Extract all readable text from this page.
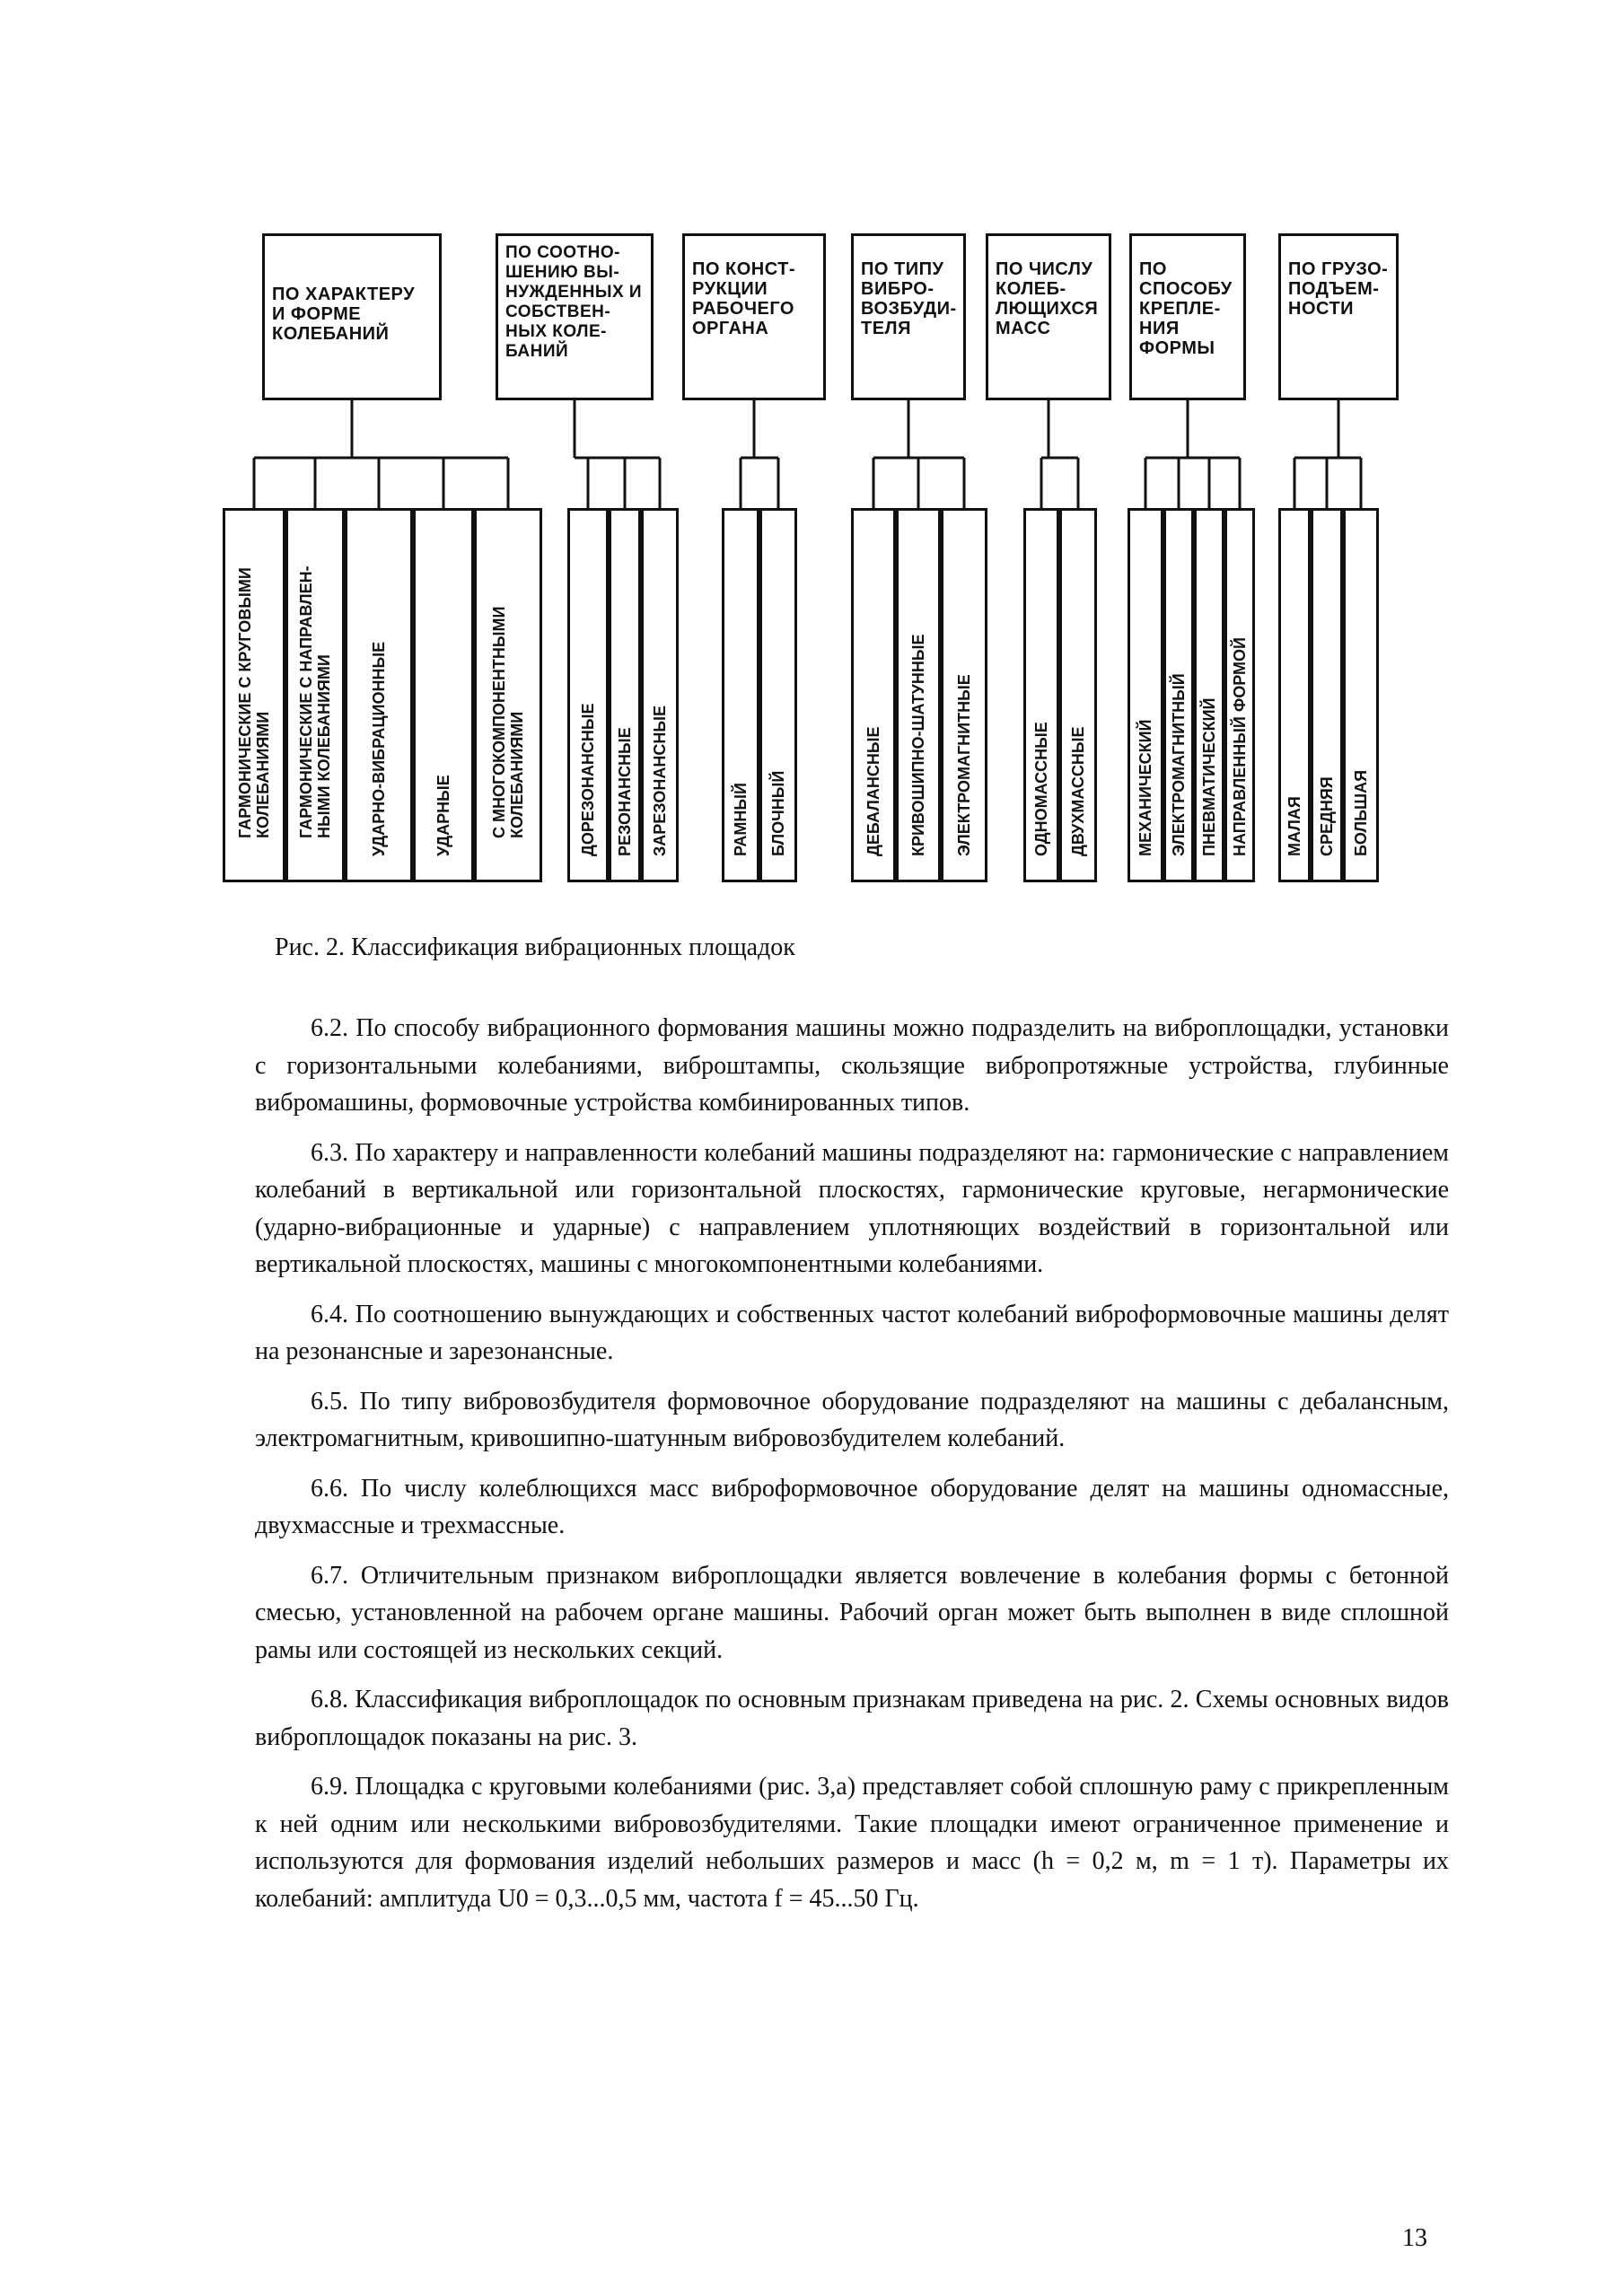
ПО ХАРАКТЕРУ И ФОРМЕ КОЛЕБАНИЙ
ГАРМОНИЧЕСКИЕ С КРУГОВЫМИ
КОЛЕБАНИЯМИ ГАРМОНИЧЕСКИЕ С НАПРАВЛЕН-
НЫМИ КОЛЕБАНИЯМИ УДАРНО-ВИБРАЦИОННЫЕ	УДАРНЫЕ С МНОГОКОМПОНЕНТНЫМИ
КОЛЕБАНИЯМИ
ПО СООТНО-ШЕНИЮ ВЫ-НУЖДЕННЫХ И СОБСТВЕН-НЫХ КОЛЕ-БАНИЙ
ДОРЕЗОНАНСНЫЕ РЕЗОНАНСНЫЕ ЗАРЕЗОНАНСНЫЕ
ПО КОНСТ-РУКЦИИ РАБОЧЕГО ОРГАНА
РАМНЫЙ БЛОЧНЫЙ
ПО ТИПУ ВИБРО-ВОЗБУДИ-ТЕЛЯ
ДЕБАЛАНСНЫЕ КРИВОШИПНО-ШАТУННЫЕ ЭЛЕКТРОМАГНИТНЫЕ
ПО ЧИСЛУ КОЛЕБ-ЛЮЩИХСЯ МАСС
ОДНОМАССНЫЕ ДВУХМАССНЫЕ
ПО СПОСОБУ КРЕПЛЕ-НИЯ ФОРМЫ
МЕХАНИЧЕСКИЙ ЭЛЕКТРОМАГНИТНЫЙ ПНЕВМАТИЧЕСКИЙ НАПРАВЛЕННЫЙ ФОРМОЙ
ПО ГРУЗО-ПОДЪЕМ-НОСТИ
МАЛАЯ СРЕДНЯЯ БОЛЬШАЯ
Рис. 2. Классификация вибрационных площадок

6.2. По способу вибрационного формования машины можно подразделить на виброплощадки, установки с горизонтальными колебаниями, виброштампы, скользящие вибропротяжные устройства, глубинные вибромашины, формовочные устройства комбинированных типов.

6.3. По характеру и направленности колебаний машины подразделяют на: гармонические с направлением колебаний в вертикальной или горизонтальной плоскостях, гармонические круговые, негармонические (ударно-вибрационные и ударные) с направлением уплотняющих воздействий в горизонтальной или вертикальной плоскостях, машины с многокомпонентными колебаниями.

6.4. По соотношению вынуждающих и собственных частот колебаний виброформовочные машины делят на резонансные и зарезонансные.

6.5. По типу вибровозбудителя формовочное оборудование подразделяют на машины с дебалансным, электромагнитным, кривошипно-шатунным вибровозбудителем колебаний.

6.6. По числу колеблющихся масс виброформовочное оборудование делят на машины одномассные, двухмассные и трехмассные.

6.7. Отличительным признаком виброплощадки является вовлечение в колебания формы с бетонной смесью, установленной на рабочем органе машины. Рабочий орган может быть выполнен в виде сплошной рамы или состоящей из нескольких секций.

6.8. Классификация виброплощадок по основным признакам приведена на рис. 2. Схемы основных видов виброплощадок показаны на рис. 3.

6.9. Площадка с круговыми колебаниями (рис. 3,а) представляет собой сплошную раму с прикрепленным к ней одним или несколькими вибровозбудителями. Такие площадки имеют ограниченное применение и используются для формования изделий небольших размеров и масс (h = 0,2 м, m = 1 т). Параметры их колебаний: амплитуда U0 = 0,3...0,5 мм, частота f = 45...50 Гц.

13
